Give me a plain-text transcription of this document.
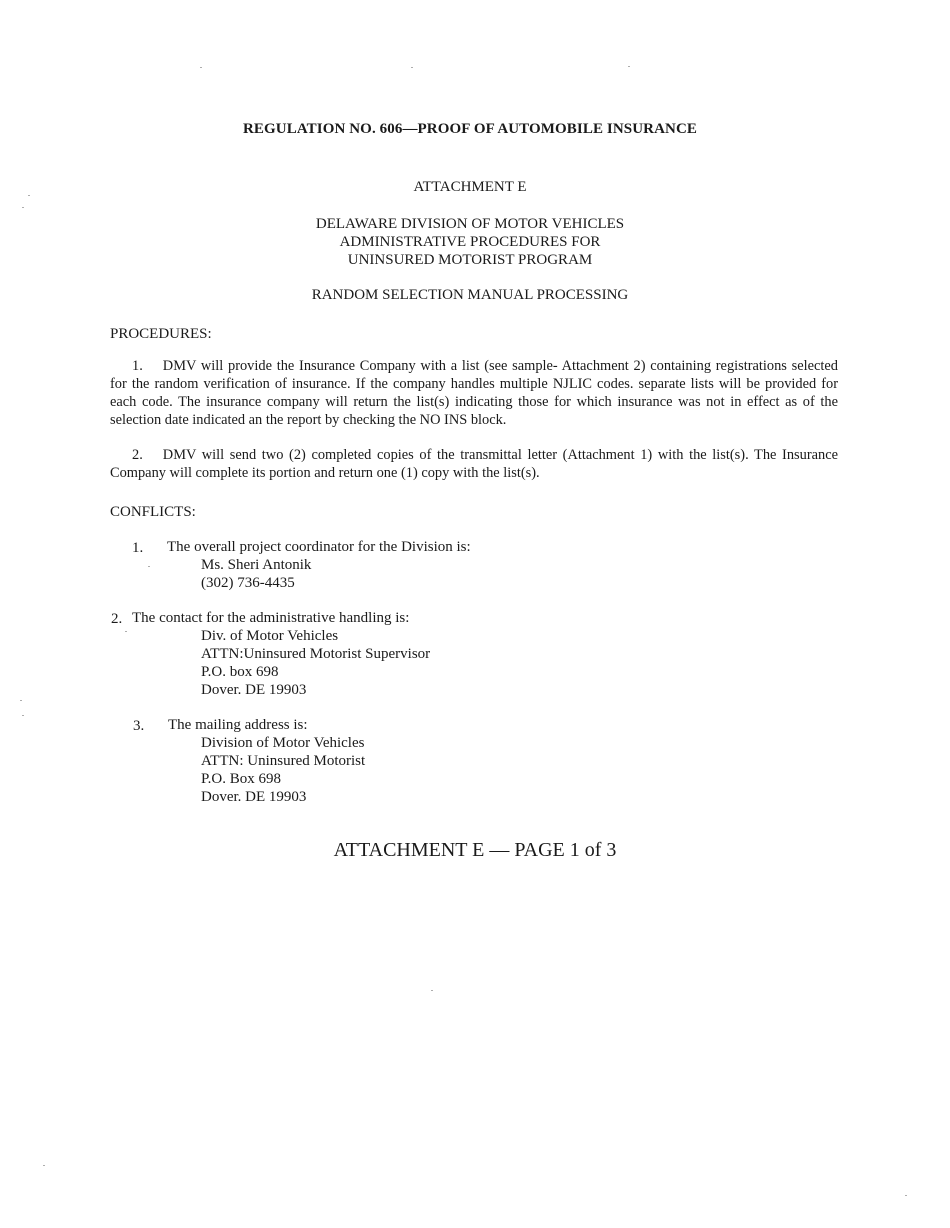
REGULATION NO. 606—PROOF OF AUTOMOBILE INSURANCE
ATTACHMENT E
DELAWARE DIVISION OF MOTOR VEHICLES
ADMINISTRATIVE PROCEDURES FOR
UNINSURED MOTORIST PROGRAM
RANDOM SELECTION MANUAL PROCESSING
PROCEDURES:
1. DMV will provide the Insurance Company with a list (see sample- Attachment 2) containing registrations selected for the random verification of insurance. If the company handles multiple NJLIC codes. separate lists will be provided for each code. The insurance company will return the list(s) indicating those for which insurance was not in effect as of the selection date indicated an the report by checking the NO INS block.
2. DMV will send two (2) completed copies of the transmittal letter (Attachment 1) with the list(s). The Insurance Company will complete its portion and return one (1) copy with the list(s).
CONFLICTS:
1. The overall project coordinator for the Division is:
Ms. Sheri Antonik
(302) 736-4435
2. The contact for the administrative handling is:
Div. of Motor Vehicles
ATTN:Uninsured Motorist Supervisor
P.O. box 698
Dover. DE 19903
3. The mailing address is:
Division of Motor Vehicles
ATTN: Uninsured Motorist
P.O. Box 698
Dover. DE 19903
ATTACHMENT E — PAGE 1 of 3
